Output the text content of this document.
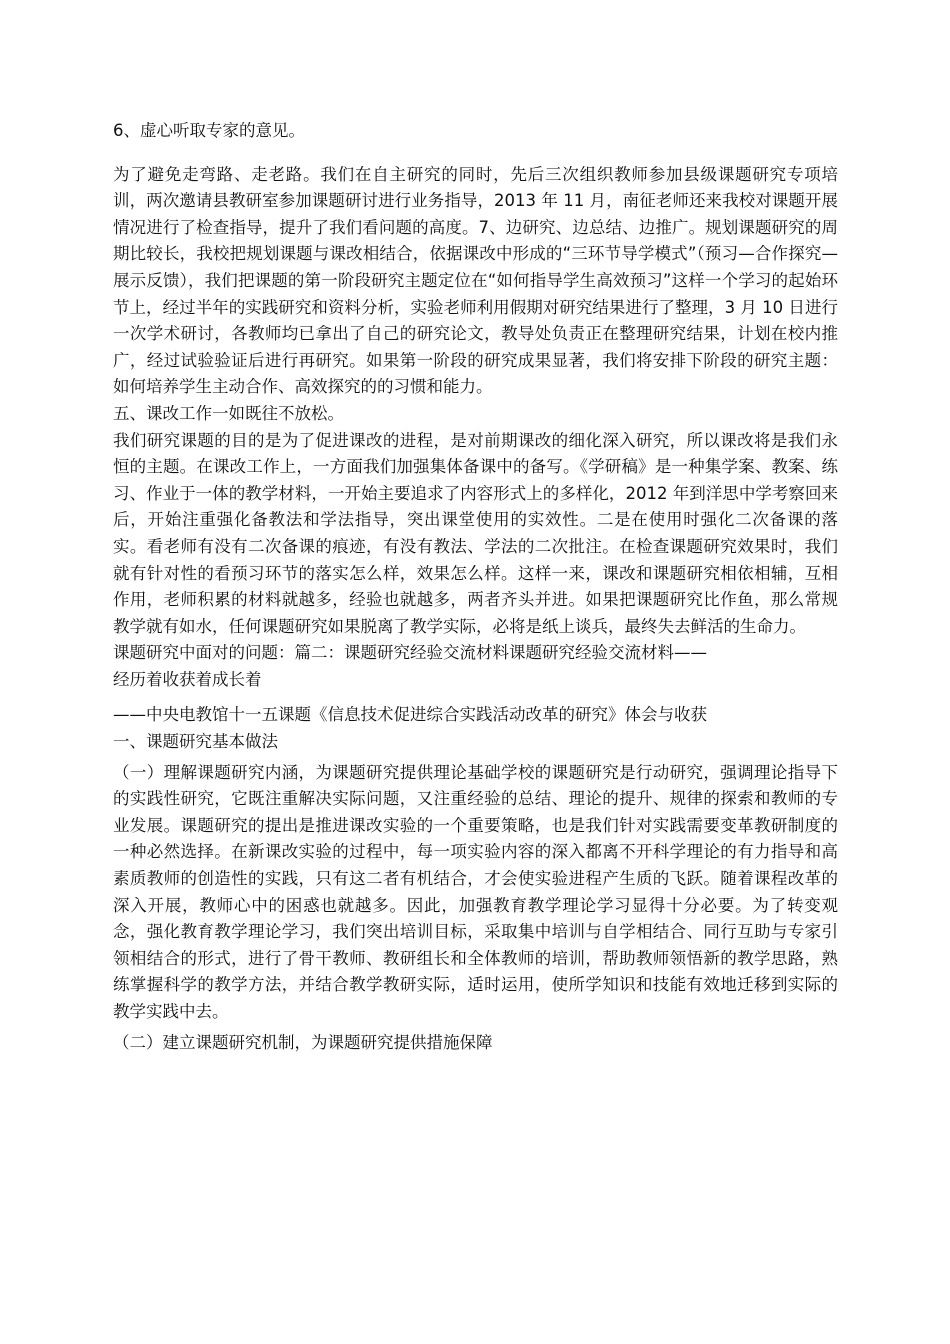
6、虚心听取专家的意见。

为了避免走弯路、走老路。我们在自主研究的同时，先后三次组织教师参加县级课题研究专项培训，两次邀请县教研室参加课题研讨进行业务指导，2013 年 11 月，南征老师还来我校对课题开展情况进行了检查指导，提升了我们看问题的高度。7、边研究、边总结、边推广。规划课题研究的周期比较长，我校把规划课题与课改相结合，依据课改中形成的“三环节导学模式”（预习—合作探究—展示反馈），我们把课题的第一阶段研究主题定位在“如何指导学生高效预习”这样一个学习的起始环节上，经过半年的实践研究和资料分析，实验老师利用假期对研究结果进行了整理，3 月 10 日进行一次学术研讨，各教师均已拿出了自己的研究论文，教导处负责正在整理研究结果，计划在校内推广，经过试验验证后进行再研究。如果第一阶段的研究成果显著，我们将安排下阶段的研究主题：如何培养学生主动合作、高效探究的的习惯和能力。

五、课改工作一如既往不放松。

我们研究课题的目的是为了促进课改的进程，是对前期课改的细化深入研究，所以课改将是我们永恒的主题。在课改工作上，一方面我们加强集体备课中的备写。《学研稿》是一种集学案、教案、练习、作业于一体的教学材料，一开始主要追求了内容形式上的多样化，2012 年到洋思中学考察回来后，开始注重强化备教法和学法指导，突出课堂使用的实效性。二是在使用时强化二次备课的落实。看老师有没有二次备课的痕迹，有没有教法、学法的二次批注。在检查课题研究效果时，我们就有针对性的看预习环节的落实怎么样，效果怎么样。这样一来，课改和课题研究相依相辅，互相作用，老师积累的材料就越多，经验也就越多，两者齐头并进。如果把课题研究比作鱼，那么常规教学就有如水，任何课题研究如果脱离了教学实际，必将是纸上谈兵，最终失去鲜活的生命力。

课题研究中面对的问题：篇二：课题研究经验交流材料课题研究经验交流材料——

经历着收获着成长着

——中央电教馆十一五课题《信息技术促进综合实践活动改革的研究》体会与收获

一、课题研究基本做法

（一）理解课题研究内涵，为课题研究提供理论基础学校的课题研究是行动研究，强调理论指导下的实践性研究，它既注重解决实际问题，又注重经验的总结、理论的提升、规律的探索和教师的专业发展。课题研究的提出是推进课改实验的一个重要策略，也是我们针对实践需要变革教研制度的一种必然选择。在新课改实验的过程中，每一项实验内容的深入都离不开科学理论的有力指导和高素质教师的创造性的实践，只有这二者有机结合，才会使实验进程产生质的飞跃。随着课程改革的深入开展，教师心中的困惑也就越多。因此，加强教育教学理论学习显得十分必要。为了转变观念，强化教育教学理论学习，我们突出培训目标，采取集中培训与自学相结合、同行互助与专家引领相结合的形式，进行了骨干教师、教研组长和全体教师的培训，帮助教师领悟新的教学思路，熟练掌握科学的教学方法，并结合教学教研实际，适时运用，使所学知识和技能有效地迁移到实际的教学实践中去。

（二）建立课题研究机制，为课题研究提供措施保障
